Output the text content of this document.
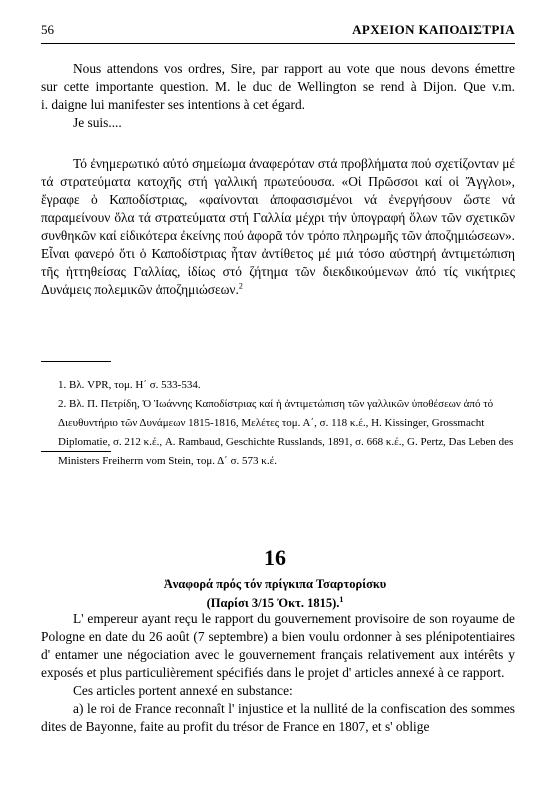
56	ΑΡΧΕΙΟΝ ΚΑΠΟΔΙΣΤΡΙΑ

Nous attendons vos ordres, Sire, par rapport au vote que nous devons émettre

sur cette importante question. M. le duc de Wellington se rend à Dijon. Que v.m.

i. daigne lui manifester ses intentions à cet égard.

Je suis....

Τό ἐνημερωτικό αὐτό σημείωμα ἀναφερόταν στά προβλήματα πού σχετίζονταν μέ τά στρατεύματα κατοχῆς στή γαλλική πρωτεύουσα. «Οἱ Πρῶσσοι καί οἱ Ἄγγλοι», ἔγραφε ὁ Καποδίστριας, «φαίνονται ἀποφασισμένοι νά ἐνεργήσουν ὥστε νά παραμείνουν ὅλα τά στρατεύματα στή Γαλλία μέχρι τήν ὑπογραφή ὅλων τῶν σχετικῶν συνθηκῶν καί εἰδικότερα ἐκείνης πού ἀφορᾶ τόν τρόπο πληρωμῆς τῶν ἀποζημιώσεων». Εἶναι φανερό ὅτι ὁ Καποδίστριας ἦταν ἀντίθετος μέ μιά τόσο αὐστηρή ἀντιμετώπιση τῆς ἡττηθείσας Γαλλίας, ἰδίως στό ζήτημα τῶν διεκδικούμενων ἀπό τίς νικήτριες Δυνάμεις πολεμικῶν ἀποζημιώσεων.$^2$

1. Βλ. VPR, τομ. Η΄ σ. 533-534.

2. Βλ. Π. Πετρίδη, Ὁ Ἰωάννης Καποδίστριας καί ἡ ἀντιμετώπιση τῶν γαλλικῶν ὑποθέσεων ἀπό τό Διευθυντήριο τῶν Δυνάμεων 1815-1816, Μελέτες τομ. Α΄, σ. 118 κ.έ., H. Kissinger, Grossmacht Diplomatie, σ. 212 κ.έ., A. Rambaud, Geschichte Russlands, 1891, σ. 668 κ.έ., G. Pertz, Das Leben des Ministers Freiherrn vom Stein, τομ. Δ΄ σ. 573 κ.έ.

16
Ἀναφορά πρός τόν πρίγκιπα Τσαρτορίσκυ
(Παρίσι 3/15 Ὀκτ. 1815).$^1$

L' empereur ayant reçu le rapport du gouvernement provisoire de son royaume de Pologne en date du 26 août (7 septembre) a bien voulu ordonner à ses plénipotentiaires d' entamer une négociation avec le gouvernement français relativement aux intérêts y exposés et plus particulièrement spécifiés dans le projet d' articles annexé à ce rapport.

Ces articles portent annexé en substance:

a) le roi de France reconnaît l' injustice et la nullité de la confiscation des sommes dites de Bayonne, faite au profit du trésor de France en 1807, et s' oblige
